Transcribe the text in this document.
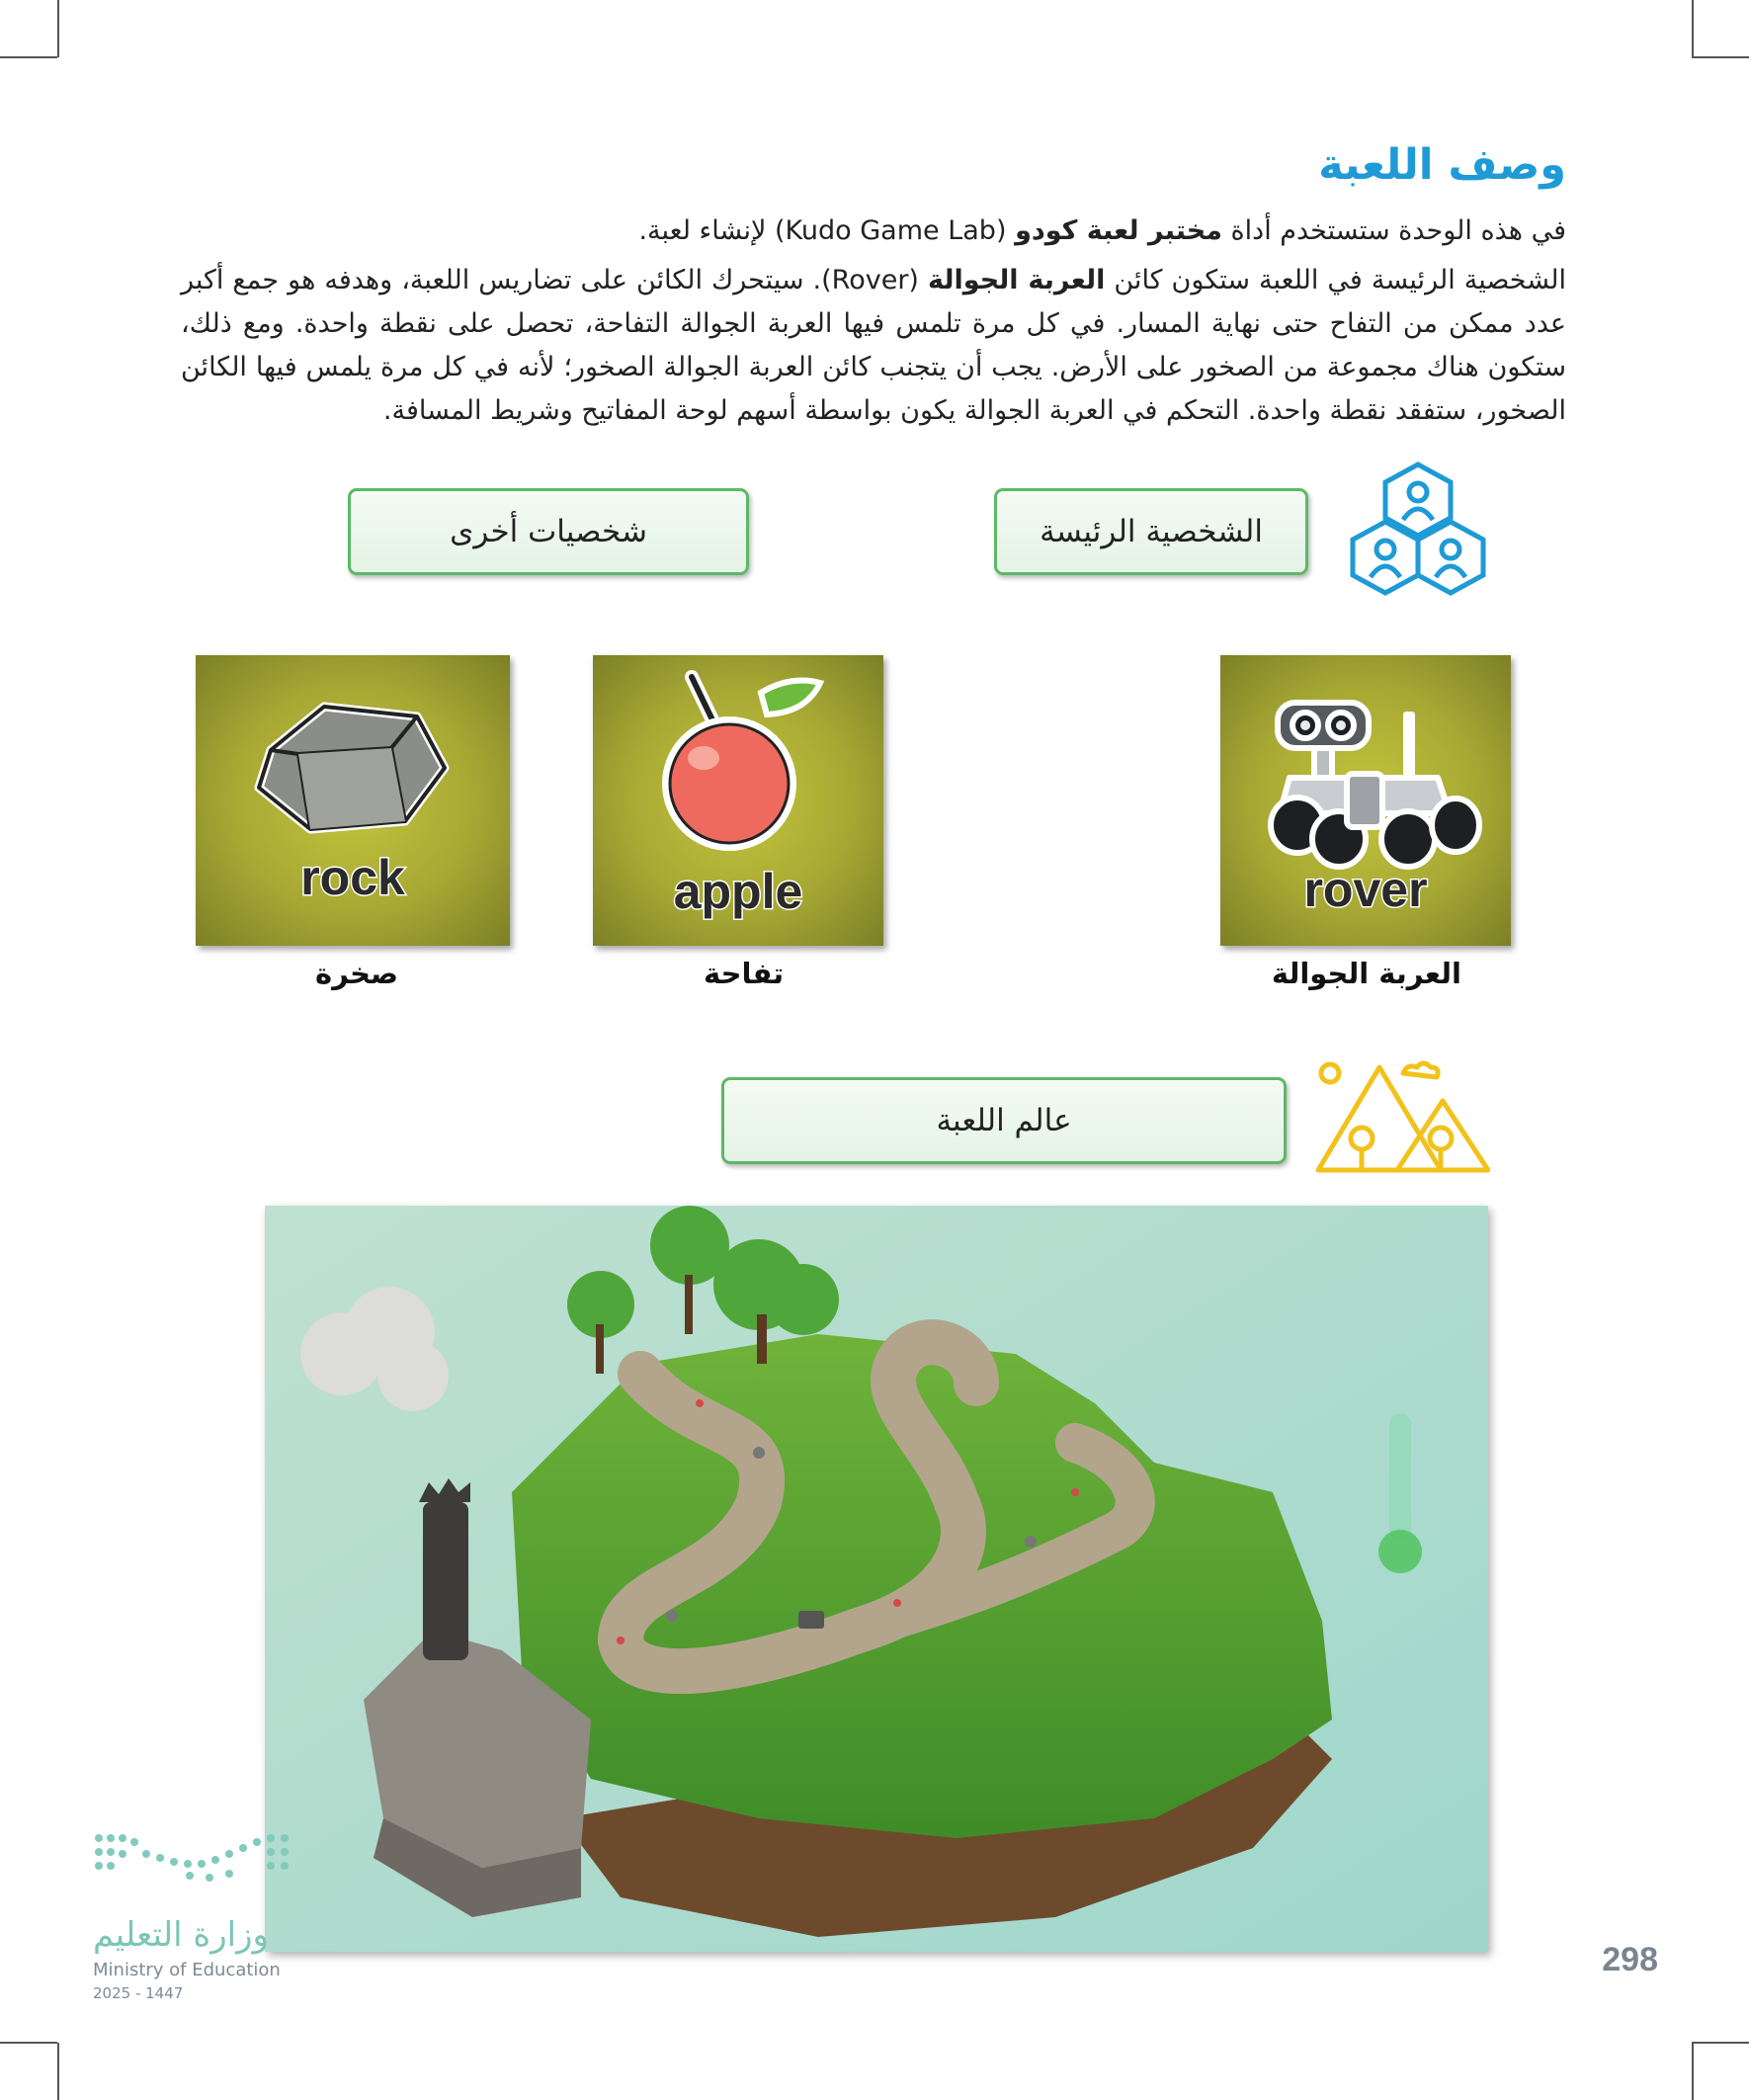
وصف اللعبة
في هذه الوحدة ستستخدم أداة مختبر لعبة كودو (Kudo Game Lab) لإنشاء لعبة.

الشخصية الرئيسة في اللعبة ستكون كائن العربة الجوالة (Rover). سيتحرك الكائن على تضاريس اللعبة، وهدفه هو جمع أكبر عدد ممكن من التفاح حتى نهاية المسار. في كل مرة تلمس فيها العربة الجوالة التفاحة، تحصل على نقطة واحدة. ومع ذلك، ستكون هناك مجموعة من الصخور على الأرض. يجب أن يتجنب كائن العربة الجوالة الصخور؛ لأنه في كل مرة يلمس فيها الكائن الصخور، ستفقد نقطة واحدة. التحكم في العربة الجوالة يكون بواسطة أسهم لوحة المفاتيح وشريط المسافة.

الشخصية الرئيسة
شخصيات أخرى
rover
apple
rock
العربة الجوالة
تفاحة
صخرة
عالم اللعبة
وزارة التعليم
Ministry of Education
2025 - 1447
298
